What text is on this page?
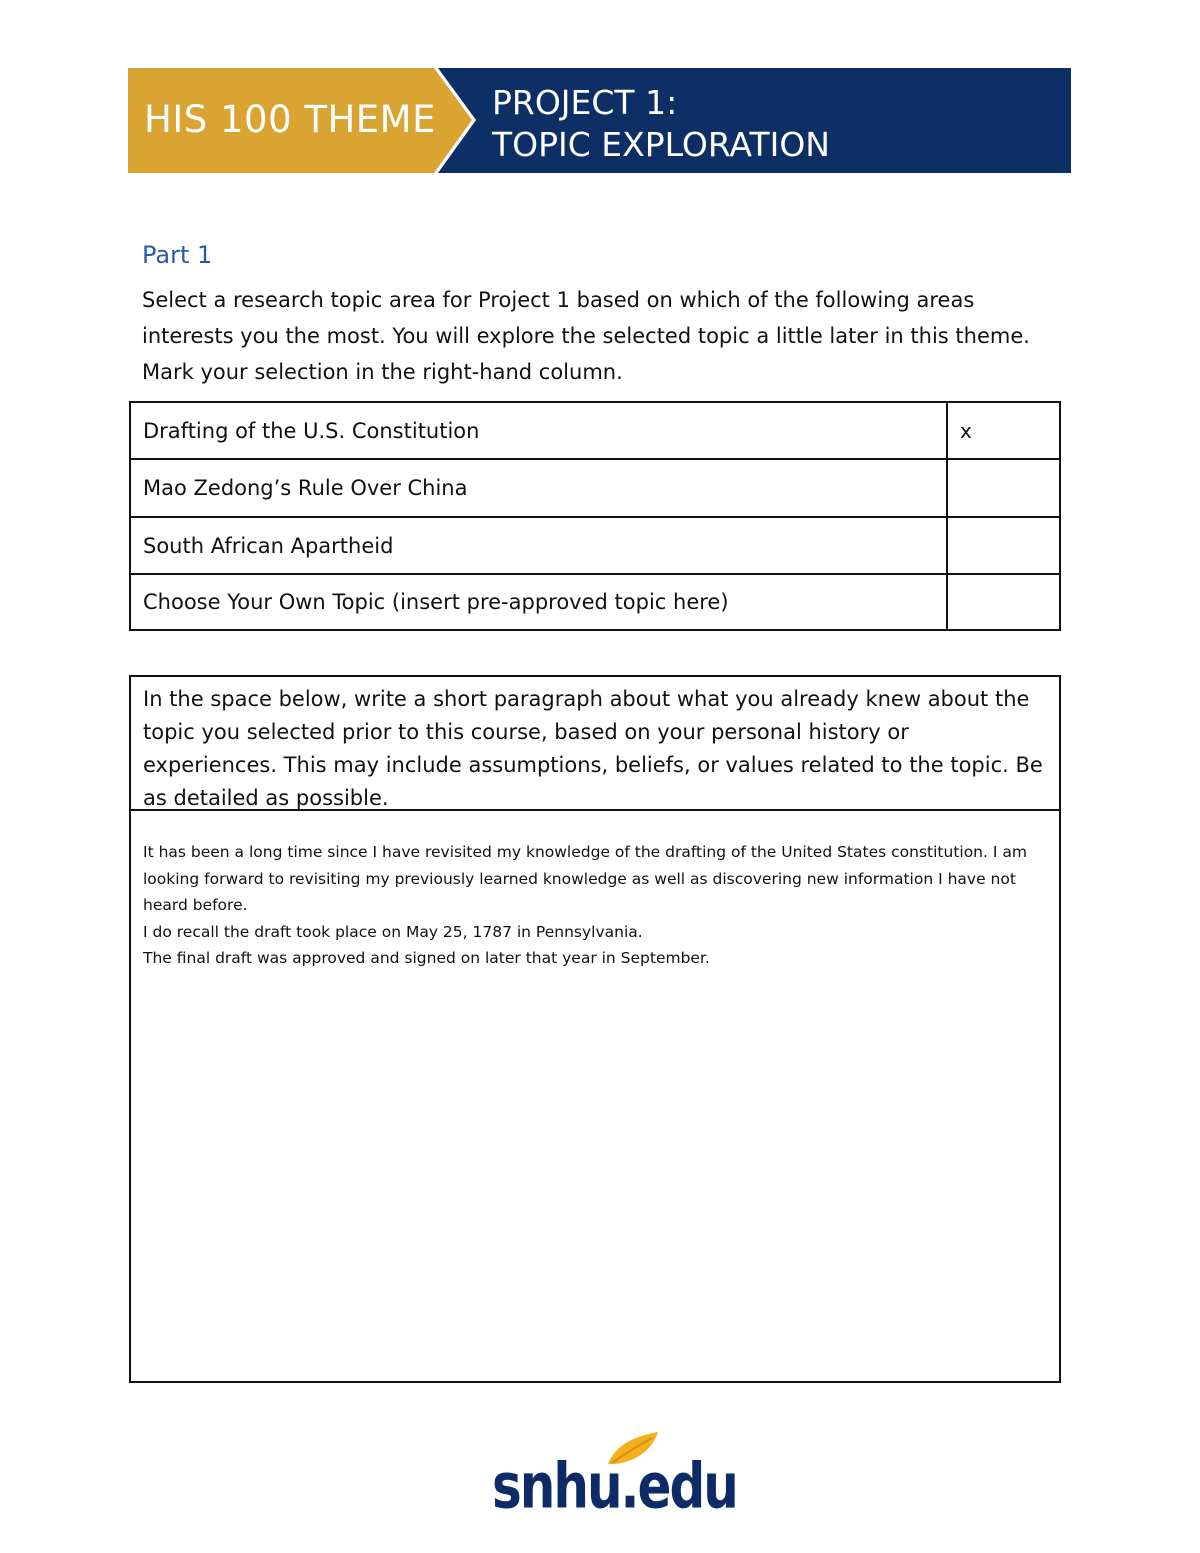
HIS 100 THEME PROJECT 1:
TOPIC EXPLORATION
Part 1
Select a research topic area for Project 1 based on which of the following areas interests you the most. You will explore the selected topic a little later in this theme. Mark your selection in the right-hand column.
Drafting of the U.S. Constitution	x
Mao Zedong’s Rule Over China	
South African Apartheid	
Choose Your Own Topic (insert pre-approved topic here)	
In the space below, write a short paragraph about what you already knew about the topic you selected prior to this course, based on your personal history or experiences. This may include assumptions, beliefs, or values related to the topic. Be as detailed as possible.
It has been a long time since I have revisited my knowledge of the drafting of the United States constitution. I am looking forward to revisiting my previously learned knowledge as well as discovering new information I have not heard before.
I do recall the draft took place on May 25, 1787 in Pennsylvania.
The final draft was approved and signed on later that year in September.
snhu.edu
